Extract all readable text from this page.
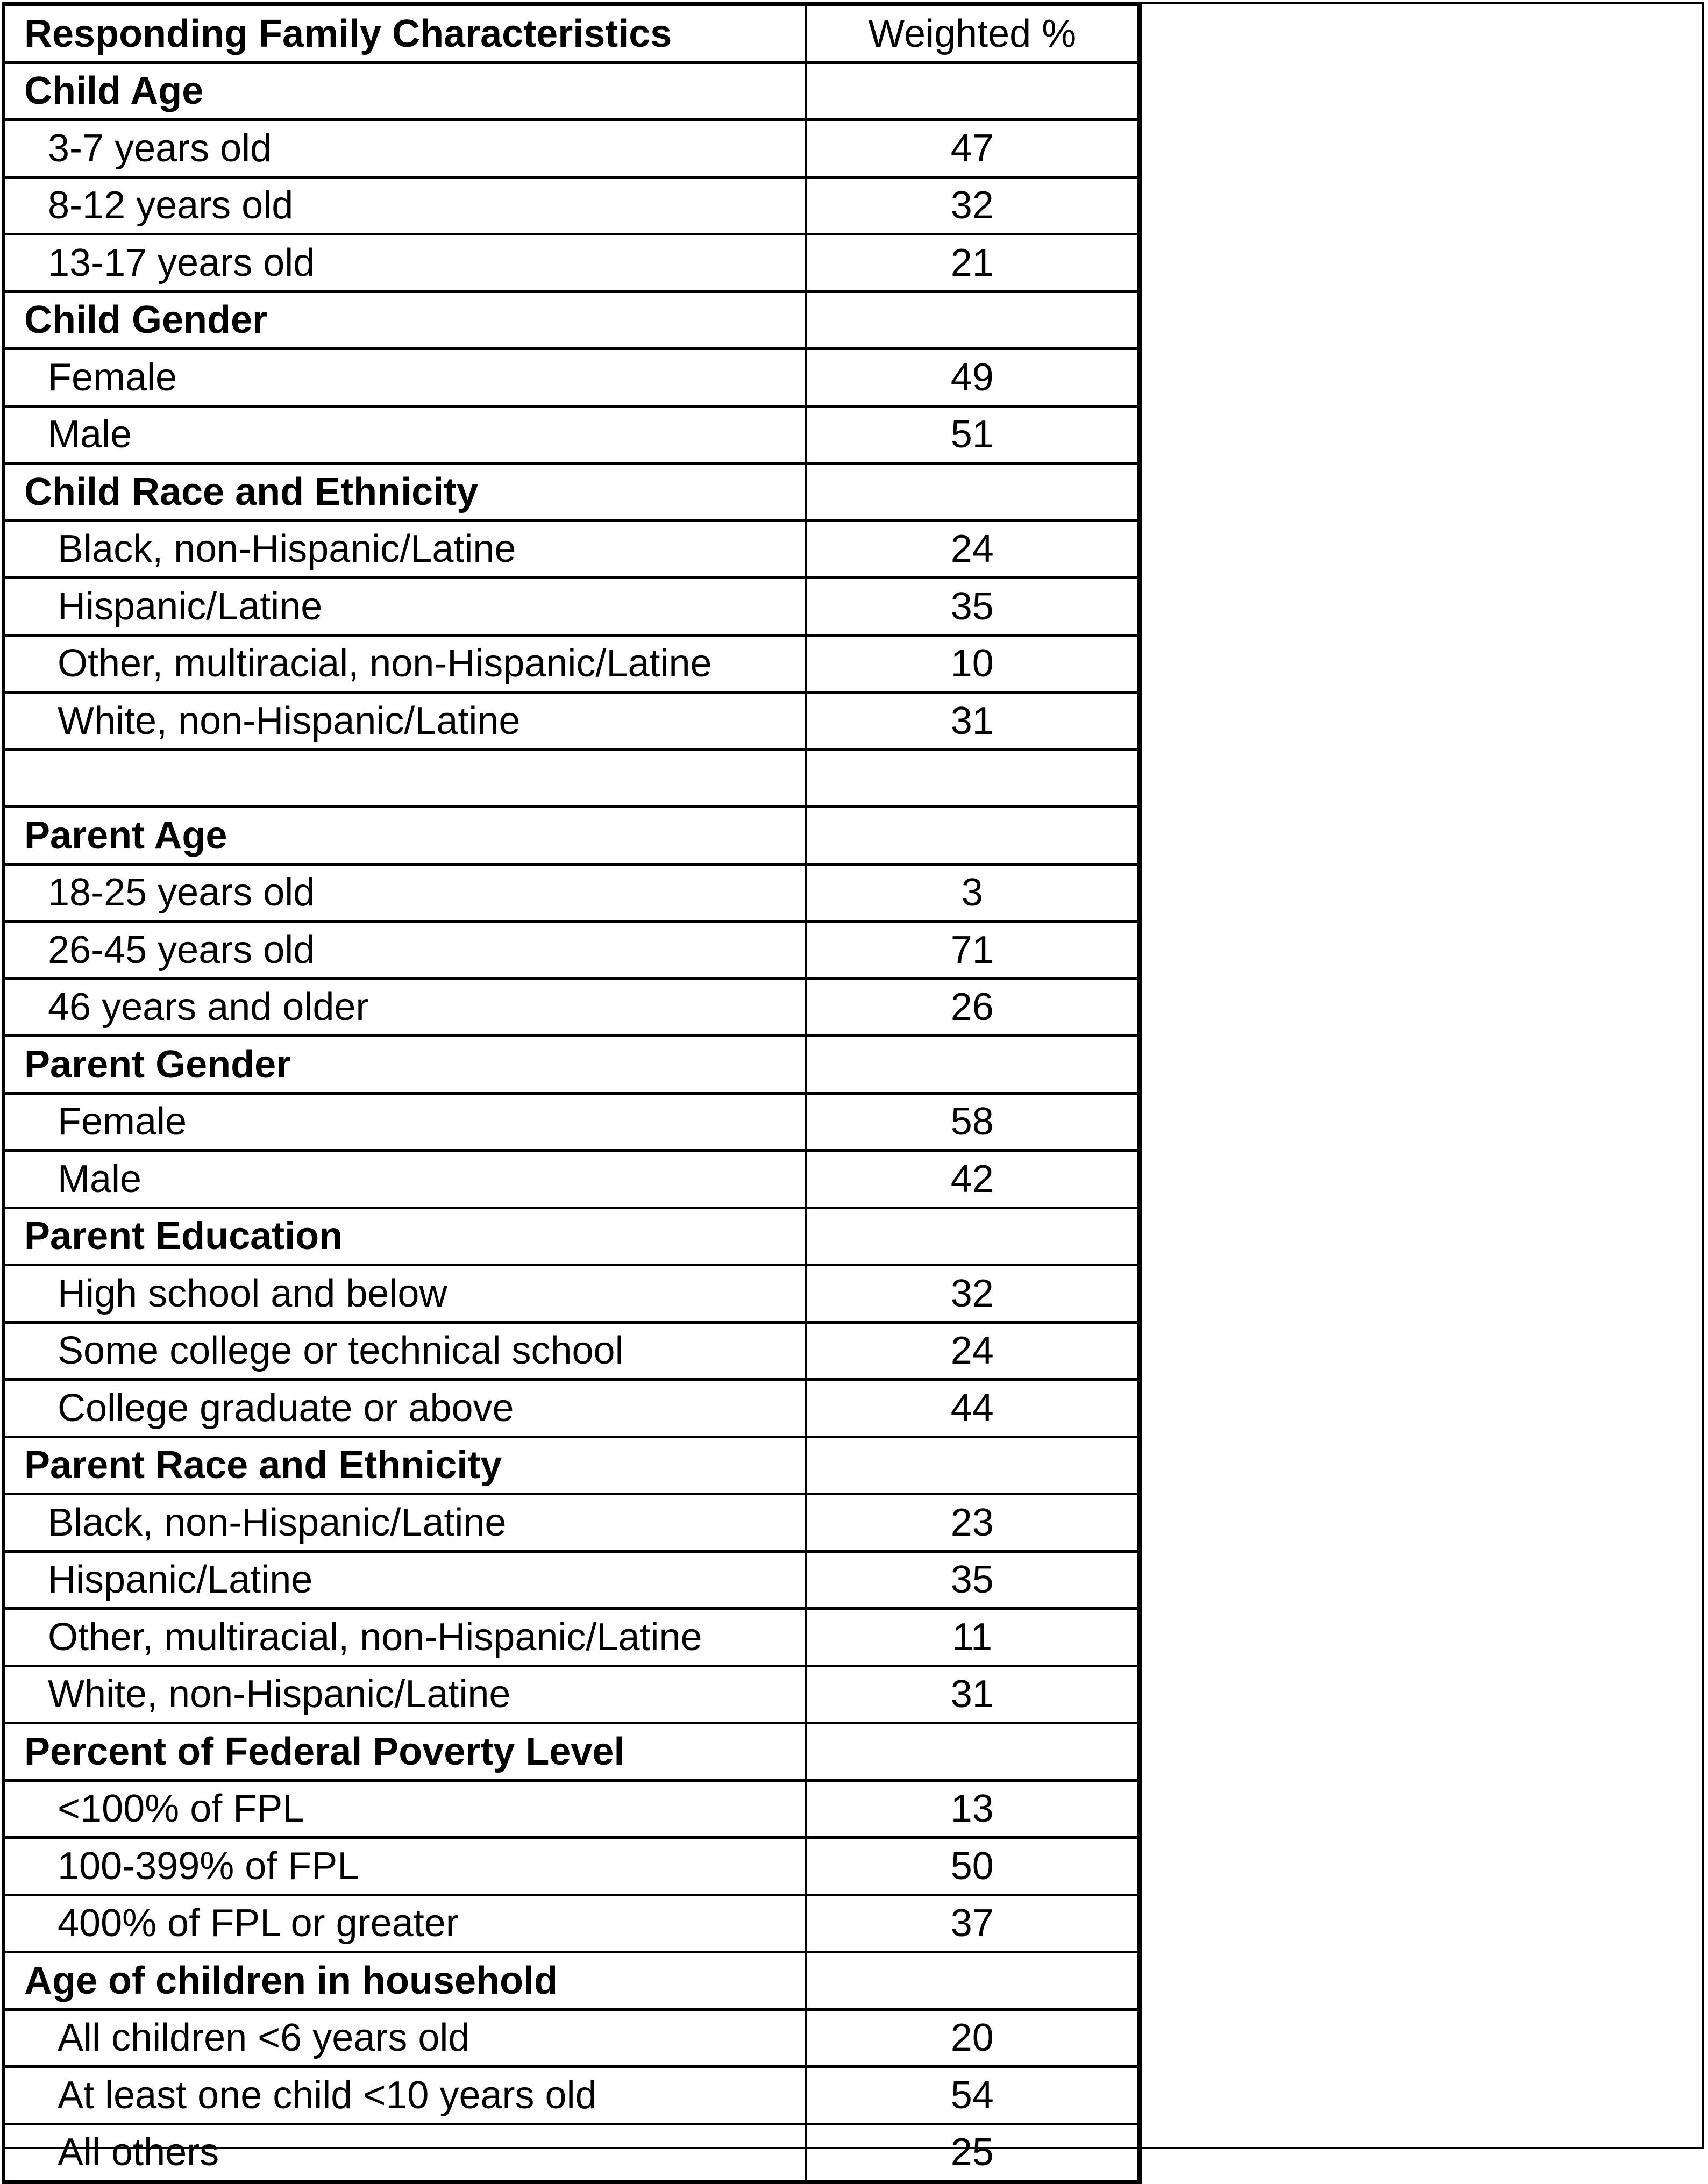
Responding Family Characteristics	Weighted %
Child Age	
3-7 years old	47
8-12 years old	32
13-17 years old	21
Child Gender	
Female	49
Male	51
Child Race and Ethnicity	
Black, non-Hispanic/Latine	24
Hispanic/Latine	35
Other, multiracial, non-Hispanic/Latine	10
White, non-Hispanic/Latine	31

Parent Age	
18-25 years old	3
26-45 years old	71
46 years and older	26
Parent Gender	
Female	58
Male	42
Parent Education	
High school and below	32
Some college or technical school	24
College graduate or above	44
Parent Race and Ethnicity	
Black, non-Hispanic/Latine	23
Hispanic/Latine	35
Other, multiracial, non-Hispanic/Latine	11
White, non-Hispanic/Latine	31
Percent of Federal Poverty Level	
<100% of FPL	13
100-399% of FPL	50
400% of FPL or greater	37
Age of children in household	
All children <6 years old	20
At least one child <10 years old	54
All others	25
